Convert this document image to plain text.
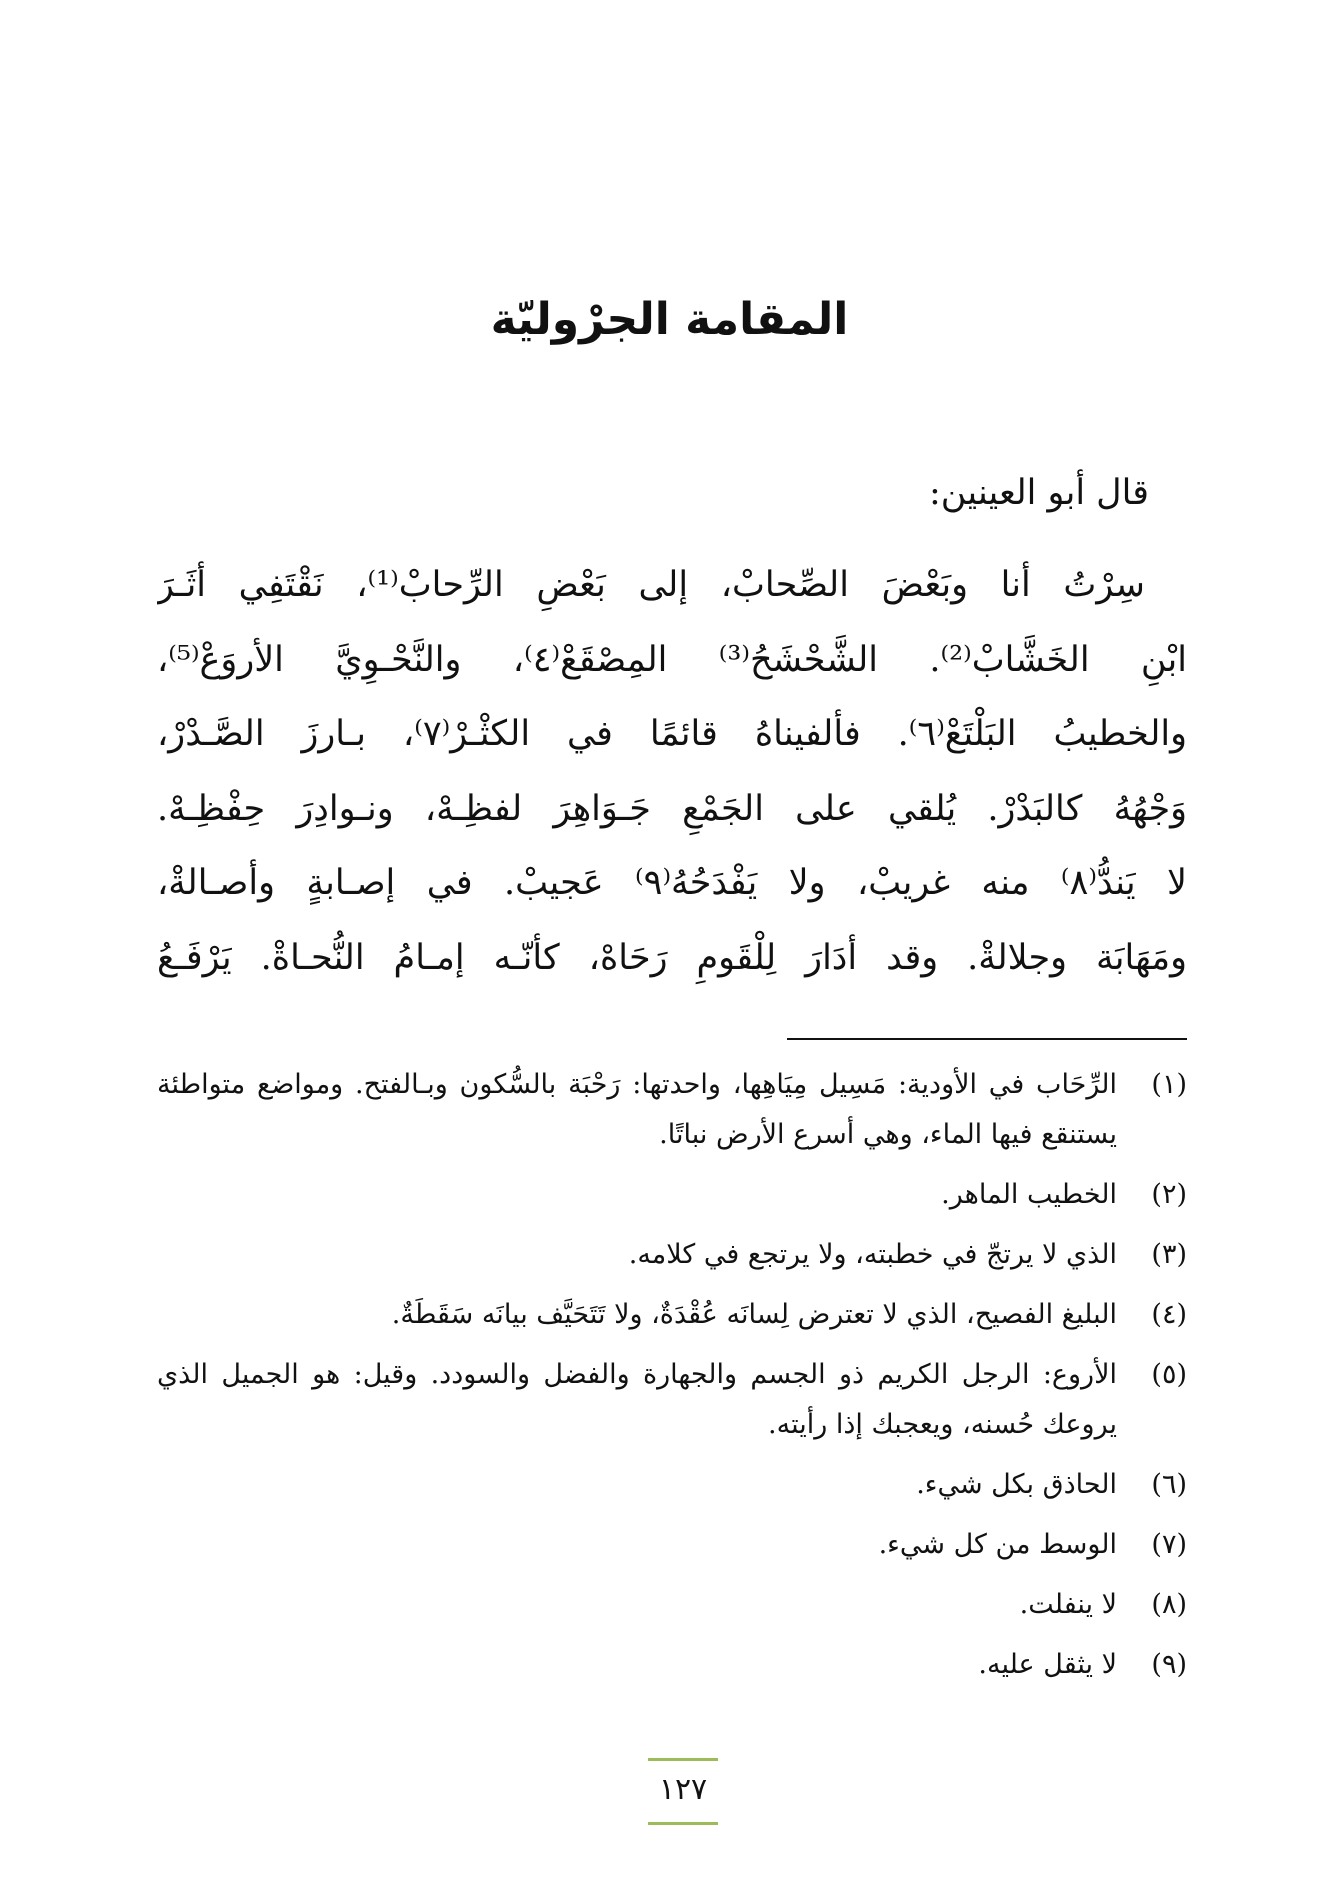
المقامة الجرْوليّة
قال أبو العينين:
سِرْتُ أنا وبَعْضَ الصِّحابْ، إلى بَعْضِ الرِّحابْ⁽¹⁾، نَقْتَفِي أثَـرَ
ابْنِ الخَشَّابْ⁽²⁾. الشَّحْشَحُ⁽³⁾ المِصْقَعْ⁽٤⁾، والنَّحْـوِيَّ الأروَعْ⁽⁵⁾،
والخطيبُ البَلْتَعْ⁽٦⁾. فألفيناهُ قائمًا في الكثْـرْ⁽٧⁾، بـارزَ الصَّـدْرْ،
وَجْهُهُ كالبَدْرْ. يُلقي على الجَمْعِ جَـوَاهِرَ لفظِـهْ، ونـوادِرَ حِفْظِـهْ.
لا يَندُّ⁽٨⁾ منه غريبْ، ولا يَفْدَحُهُ⁽٩⁾ عَجيبْ. في إصـابةٍ وأصـالةْ،
ومَهَابَة وجلالةْ. وقد أدَارَ لِلْقَومِ رَحَاهْ، كأنّـه إمـامُ النُّحـاةْ. يَرْفَـعُ
(١)
الرِّحَاب في الأودية: مَسِيل مِيَاهِها، واحدتها: رَحْبَة بالسُّكون وبـالفتح. ومواضع متواطئة يستنقع فيها الماء، وهي أسرع الأرض نباتًا.
(٢)
الخطيب الماهر.
(٣)
الذي لا يرتجّ في خطبته، ولا يرتجع في كلامه.
(٤)
البليغ الفصيح، الذي لا تعترض لِسانَه عُقْدَةٌ، ولا تَتَحَيَّف بيانَه سَقَطَةٌ.
(٥)
الأروع: الرجل الكريم ذو الجسم والجهارة والفضل والسودد. وقيل: هو الجميل الذي يروعك حُسنه، ويعجبك إذا رأيته.
(٦)
الحاذق بكل شيء.
(٧)
الوسط من كل شيء.
(٨)
لا ينفلت.
(٩)
لا يثقل عليه.
١٢٧
